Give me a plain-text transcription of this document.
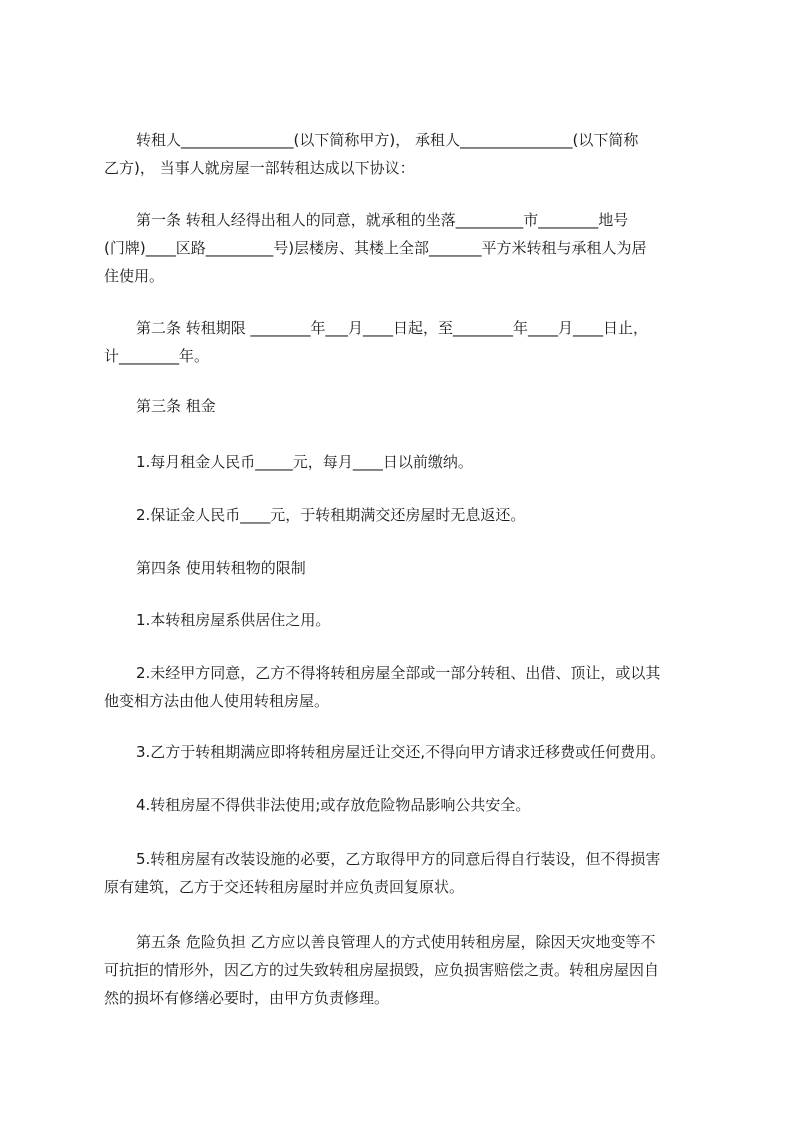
转租人_______________(以下简称甲方)， 承租人_______________(以下简称
乙方)， 当事人就房屋一部转租达成以下协议：

第一条 转租人经得出租人的同意，就承租的坐落_________市________地号
(门牌)____区路_________号)层楼房、其楼上全部_______平方米转租与承租人为居
住使用。

第二条 转租期限 ________年___月____日起，至________年____月____日止，
计________年。

第三条 租金

1.每月租金人民币_____元，每月____日以前缴纳。

2.保证金人民币____元，于转租期满交还房屋时无息返还。

第四条 使用转租物的限制

1.本转租房屋系供居住之用。

2.未经甲方同意，乙方不得将转租房屋全部或一部分转租、出借、顶让，或以其
他变相方法由他人使用转租房屋。

3.乙方于转租期满应即将转租房屋迁让交还,不得向甲方请求迁移费或任何费用。

4.转租房屋不得供非法使用;或存放危险物品影响公共安全。

5.转租房屋有改装设施的必要，乙方取得甲方的同意后得自行装设，但不得损害
原有建筑，乙方于交还转租房屋时并应负责回复原状。

第五条 危险负担 乙方应以善良管理人的方式使用转租房屋，除因天灾地变等不
可抗拒的情形外，因乙方的过失致转租房屋损毁，应负损害赔偿之责。转租房屋因自
然的损坏有修缮必要时，由甲方负责修理。
